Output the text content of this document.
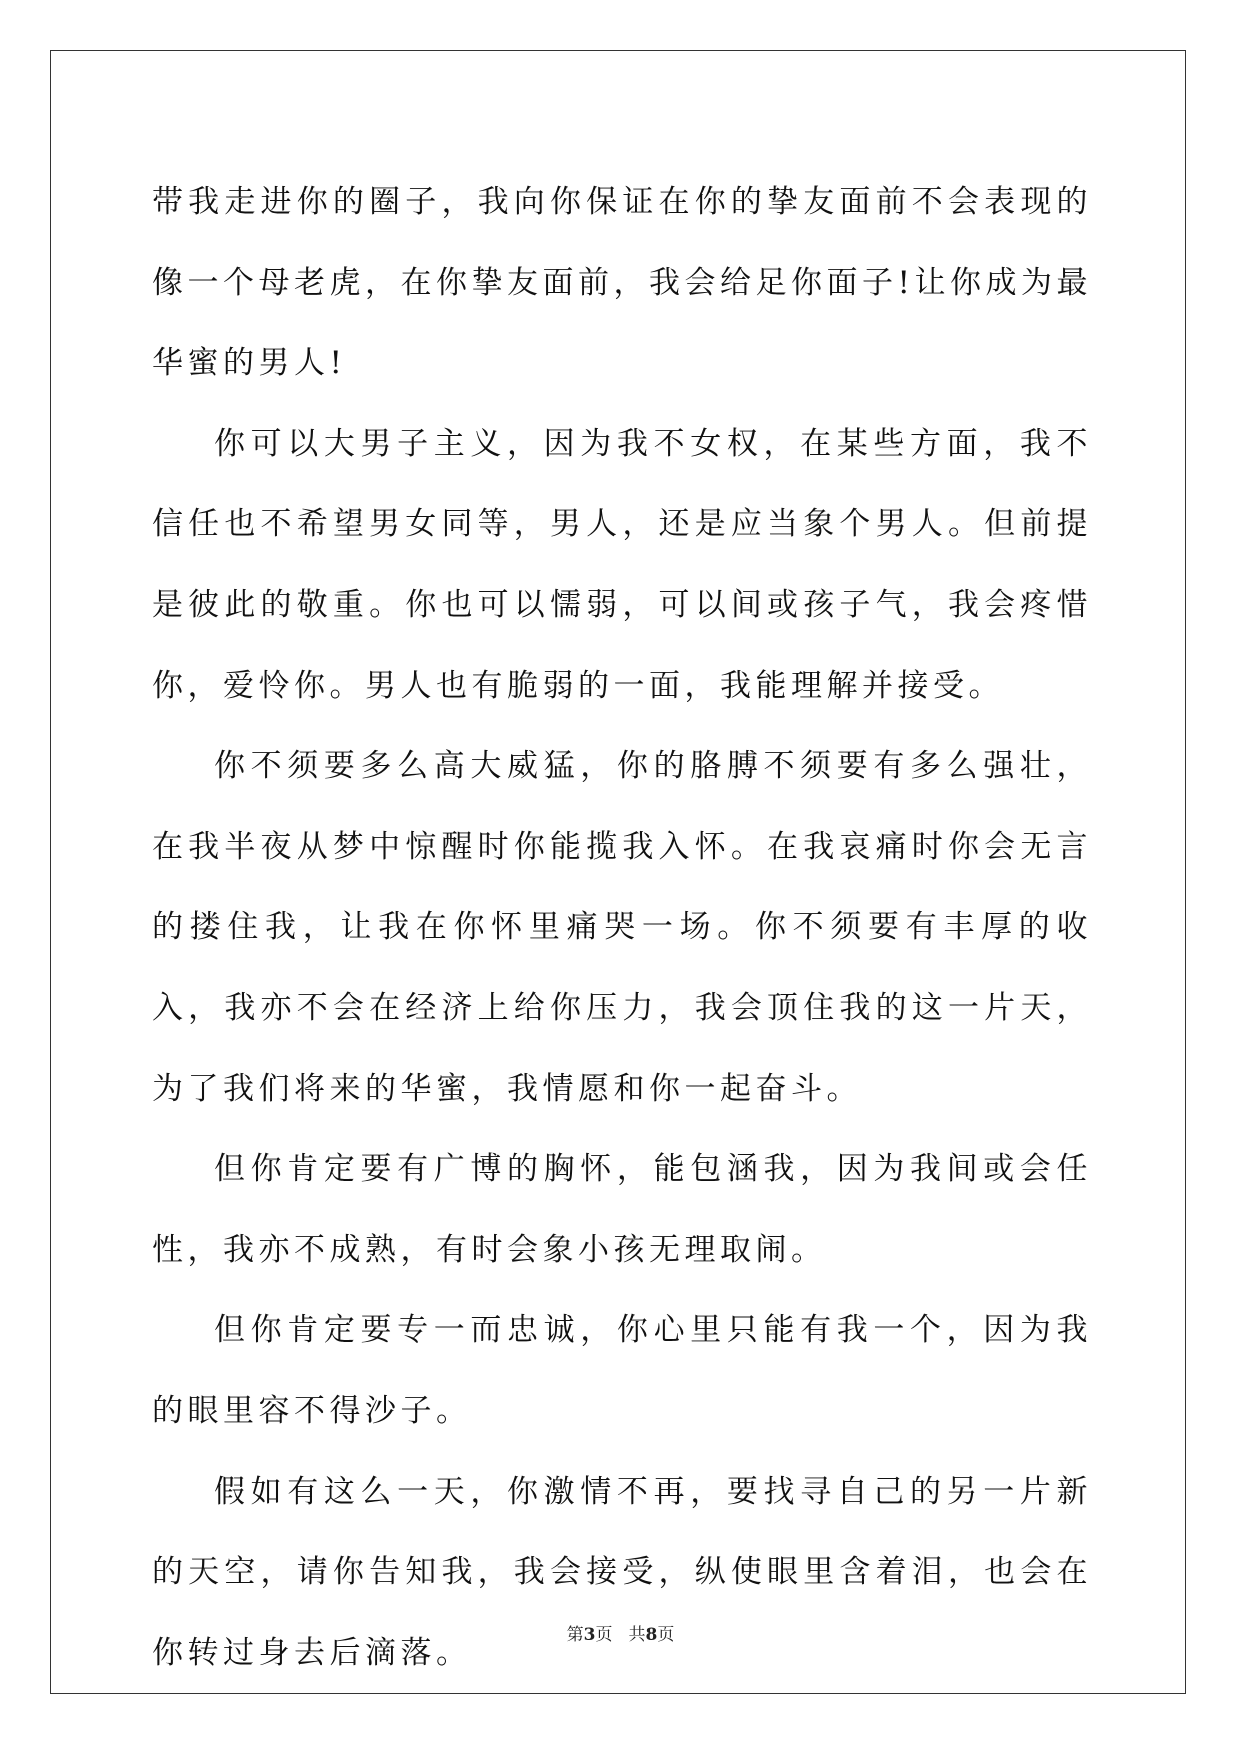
带我走进你的圈子，我向你保证在你的挚友面前不会表现的像一个母老虎，在你挚友面前，我会给足你面子!让你成为最华蜜的男人!

你可以大男子主义，因为我不女权，在某些方面，我不信任也不希望男女同等，男人，还是应当象个男人。但前提是彼此的敬重。你也可以懦弱，可以间或孩子气，我会疼惜你，爱怜你。男人也有脆弱的一面，我能理解并接受。

你不须要多么高大威猛，你的胳膊不须要有多么强壮，在我半夜从梦中惊醒时你能揽我入怀。在我哀痛时你会无言的搂住我，让我在你怀里痛哭一场。你不须要有丰厚的收入，我亦不会在经济上给你压力，我会顶住我的这一片天，为了我们将来的华蜜，我情愿和你一起奋斗。

但你肯定要有广博的胸怀，能包涵我，因为我间或会任性，我亦不成熟，有时会象小孩无理取闹。

但你肯定要专一而忠诚，你心里只能有我一个，因为我的眼里容不得沙子。

假如有这么一天，你激情不再，要找寻自己的另一片新的天空，请你告知我，我会接受，纵使眼里含着泪，也会在你转过身去后滴落。	第3页 共8页
